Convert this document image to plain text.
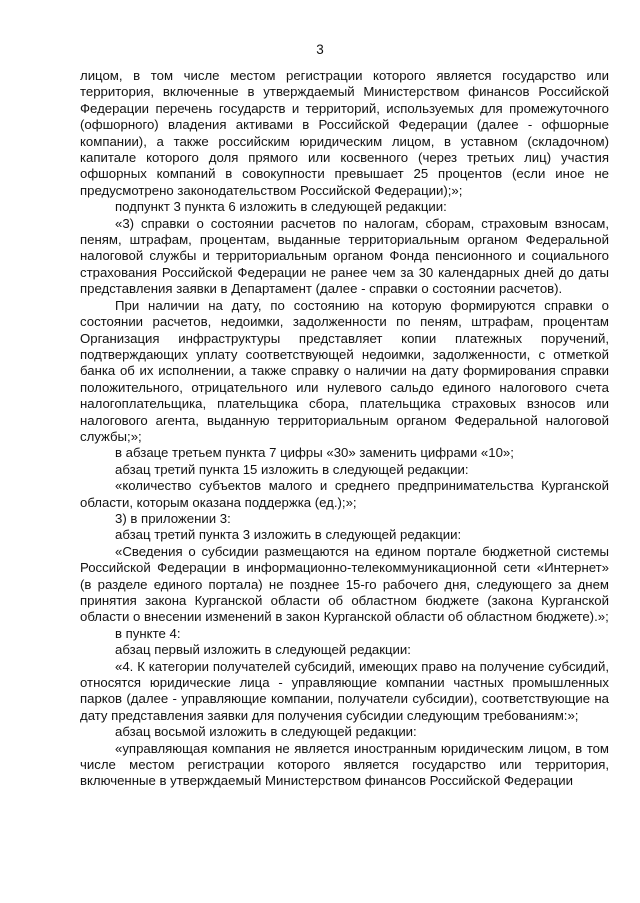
3

лицом, в том числе местом регистрации которого является государство или территория, включенные в утверждаемый Министерством финансов Российской Федерации перечень государств и территорий, используемых для промежуточного (офшорного) владения активами в Российской Федерации (далее - офшорные компании), а также российским юридическим лицом, в уставном (складочном) капитале которого доля прямого или косвенного (через третьих лиц) участия офшорных компаний в совокупности превышает 25 процентов (если иное не предусмотрено законодательством Российской Федерации);»;

подпункт 3 пункта 6 изложить в следующей редакции:

«3) справки о состоянии расчетов по налогам, сборам, страховым взносам, пеням, штрафам, процентам, выданные территориальным органом Федеральной налоговой службы и территориальным органом Фонда пенсионного и социального страхования Российской Федерации не ранее чем за 30 календарных дней до даты представления заявки в Департамент (далее - справки о состоянии расчетов).

При наличии на дату, по состоянию на которую формируются справки о состоянии расчетов, недоимки, задолженности по пеням, штрафам, процентам Организация инфраструктуры представляет копии платежных поручений, подтверждающих уплату соответствующей недоимки, задолженности, с отметкой банка об их исполнении, а также справку о наличии на дату формирования справки положительного, отрицательного или нулевого сальдо единого налогового счета налогоплательщика, плательщика сбора, плательщика страховых взносов или налогового агента, выданную территориальным органом Федеральной налоговой службы;»;

в абзаце третьем пункта 7 цифры «30» заменить цифрами «10»;

абзац третий пункта 15 изложить в следующей редакции:

«количество субъектов малого и среднего предпринимательства Курганской области, которым оказана поддержка (ед.);»;

3) в приложении 3:

абзац третий пункта 3 изложить в следующей редакции:

«Сведения о субсидии размещаются на едином портале бюджетной системы Российской Федерации в информационно-телекоммуникационной сети «Интернет» (в разделе единого портала) не позднее 15-го рабочего дня, следующего за днем принятия закона Курганской области об областном бюджете (закона Курганской области о внесении изменений в закон Курганской области об областном бюджете).»;

в пункте 4:

абзац первый изложить в следующей редакции:

«4. К категории получателей субсидий, имеющих право на получение субсидий, относятся юридические лица - управляющие компании частных промышленных парков (далее - управляющие компании, получатели субсидии), соответствующие на дату представления заявки для получения субсидии следующим требованиям:»;

абзац восьмой изложить в следующей редакции:

«управляющая компания не является иностранным юридическим лицом, в том числе местом регистрации которого является государство или территория, включенные в утверждаемый Министерством финансов Российской Федерации
